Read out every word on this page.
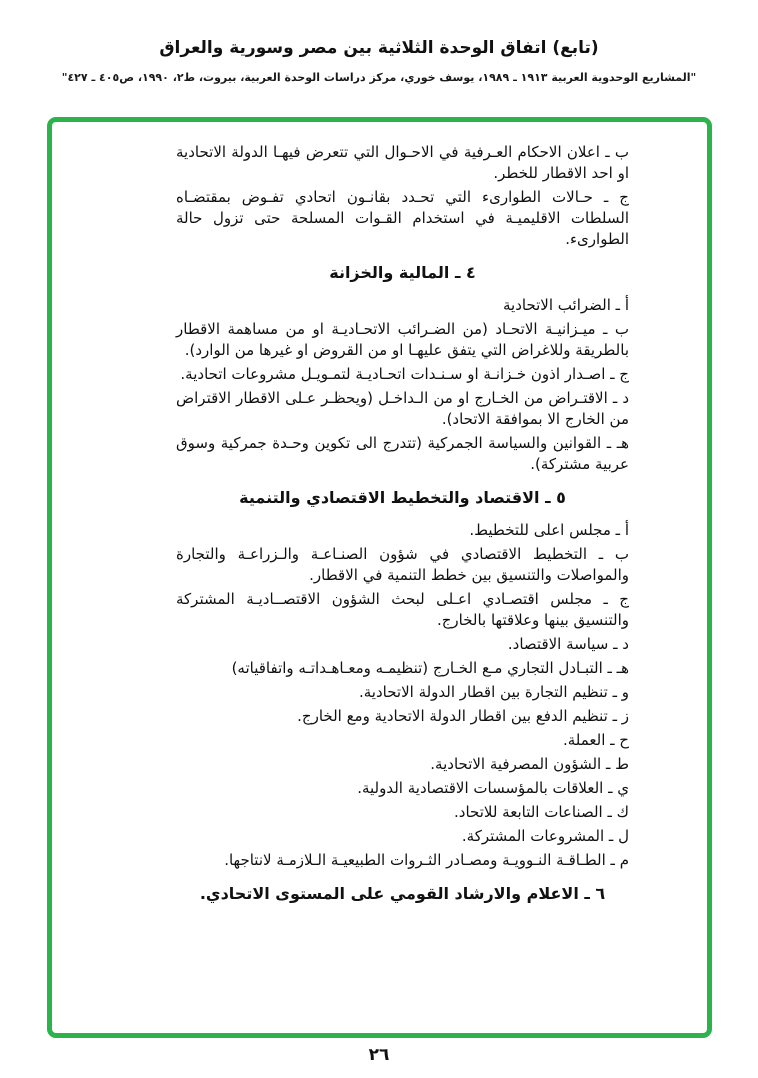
(تابع) اتفاق الوحدة الثلاثية بين مصر وسورية والعراق
"المشاريع الوحدوية العربية ١٩١٣ ـ ١٩٨٩، يوسف خوري، مركز دراسات الوحدة العربية، بيروت، ط٢، ١٩٩٠، ص٤٠٥ ـ ٤٢٧"

ب ـ اعلان الاحكام العـرفية في الاحـوال التي تتعرض فيهـا الدولة الاتحادية او احد الاقطار للخطر.

ج ـ حـالات الطوارىء التي تحـدد بقانـون اتحادي تفـوض بمقتضـاه السلطات الاقليميـة في استخدام القـوات المسلحة حتى تزول حالة الطوارىء.

٤ ـ المالية والخزانة

أ ـ الضرائب الاتحادية

ب ـ ميـزانيـة الاتحـاد (من الضـرائب الاتحـاديـة او من مساهمة الاقطار بالطريقة وللاغراض التي يتفق عليهـا او من القروض او غيرها من الوارد).

ج ـ اصـدار اذون خـزانـة او سـنـدات اتحـاديـة لتمـويـل مشروعات اتحادية.

د ـ الاقتـراض من الخـارج او من الـداخـل (ويحظـر عـلى الاقطار الاقتراض من الخارج الا بموافقة الاتحاد).

هـ ـ القوانين والسياسة الجمركية (تتدرج الى تكوين وحـدة جمركية وسوق عربية مشتركة).

٥ ـ الاقتصاد والتخطيط الاقتصادي والتنمية

أ ـ مجلس اعلى للتخطيط.

ب ـ التخطيط الاقتصادي في شؤون الصنـاعـة والـزراعـة والتجارة والمواصلات والتنسيق بين خطط التنمية في الاقطار.

ج ـ مجلس اقتصـادي اعـلى لبحث الشؤون الاقتصــاديـة المشتركة والتنسيق بينها وعلاقتها بالخارج.

د ـ سياسة الاقتصاد.

هـ ـ التبـادل التجاري مـع الخـارج (تنظيمـه ومعـاهـداتـه واتفاقياته)

و ـ تنظيم التجارة بين اقطار الدولة الاتحادية.

ز ـ تنظيم الدفع بين اقطار الدولة الاتحادية ومع الخارج.

ح ـ العملة.

ط ـ الشؤون المصرفية الاتحادية.

ي ـ العلاقات بالمؤسسات الاقتصادية الدولية.

ك ـ الصناعات التابعة للاتحاد.

ل ـ المشروعات المشتركة.

م ـ الطـاقـة النـوويـة ومصـادر الثـروات الطبيعيـة الـلازمـة لانتاجها.

٦ ـ الاعلام والارشاد القومي على المستوى الاتحادي.
٢٦
